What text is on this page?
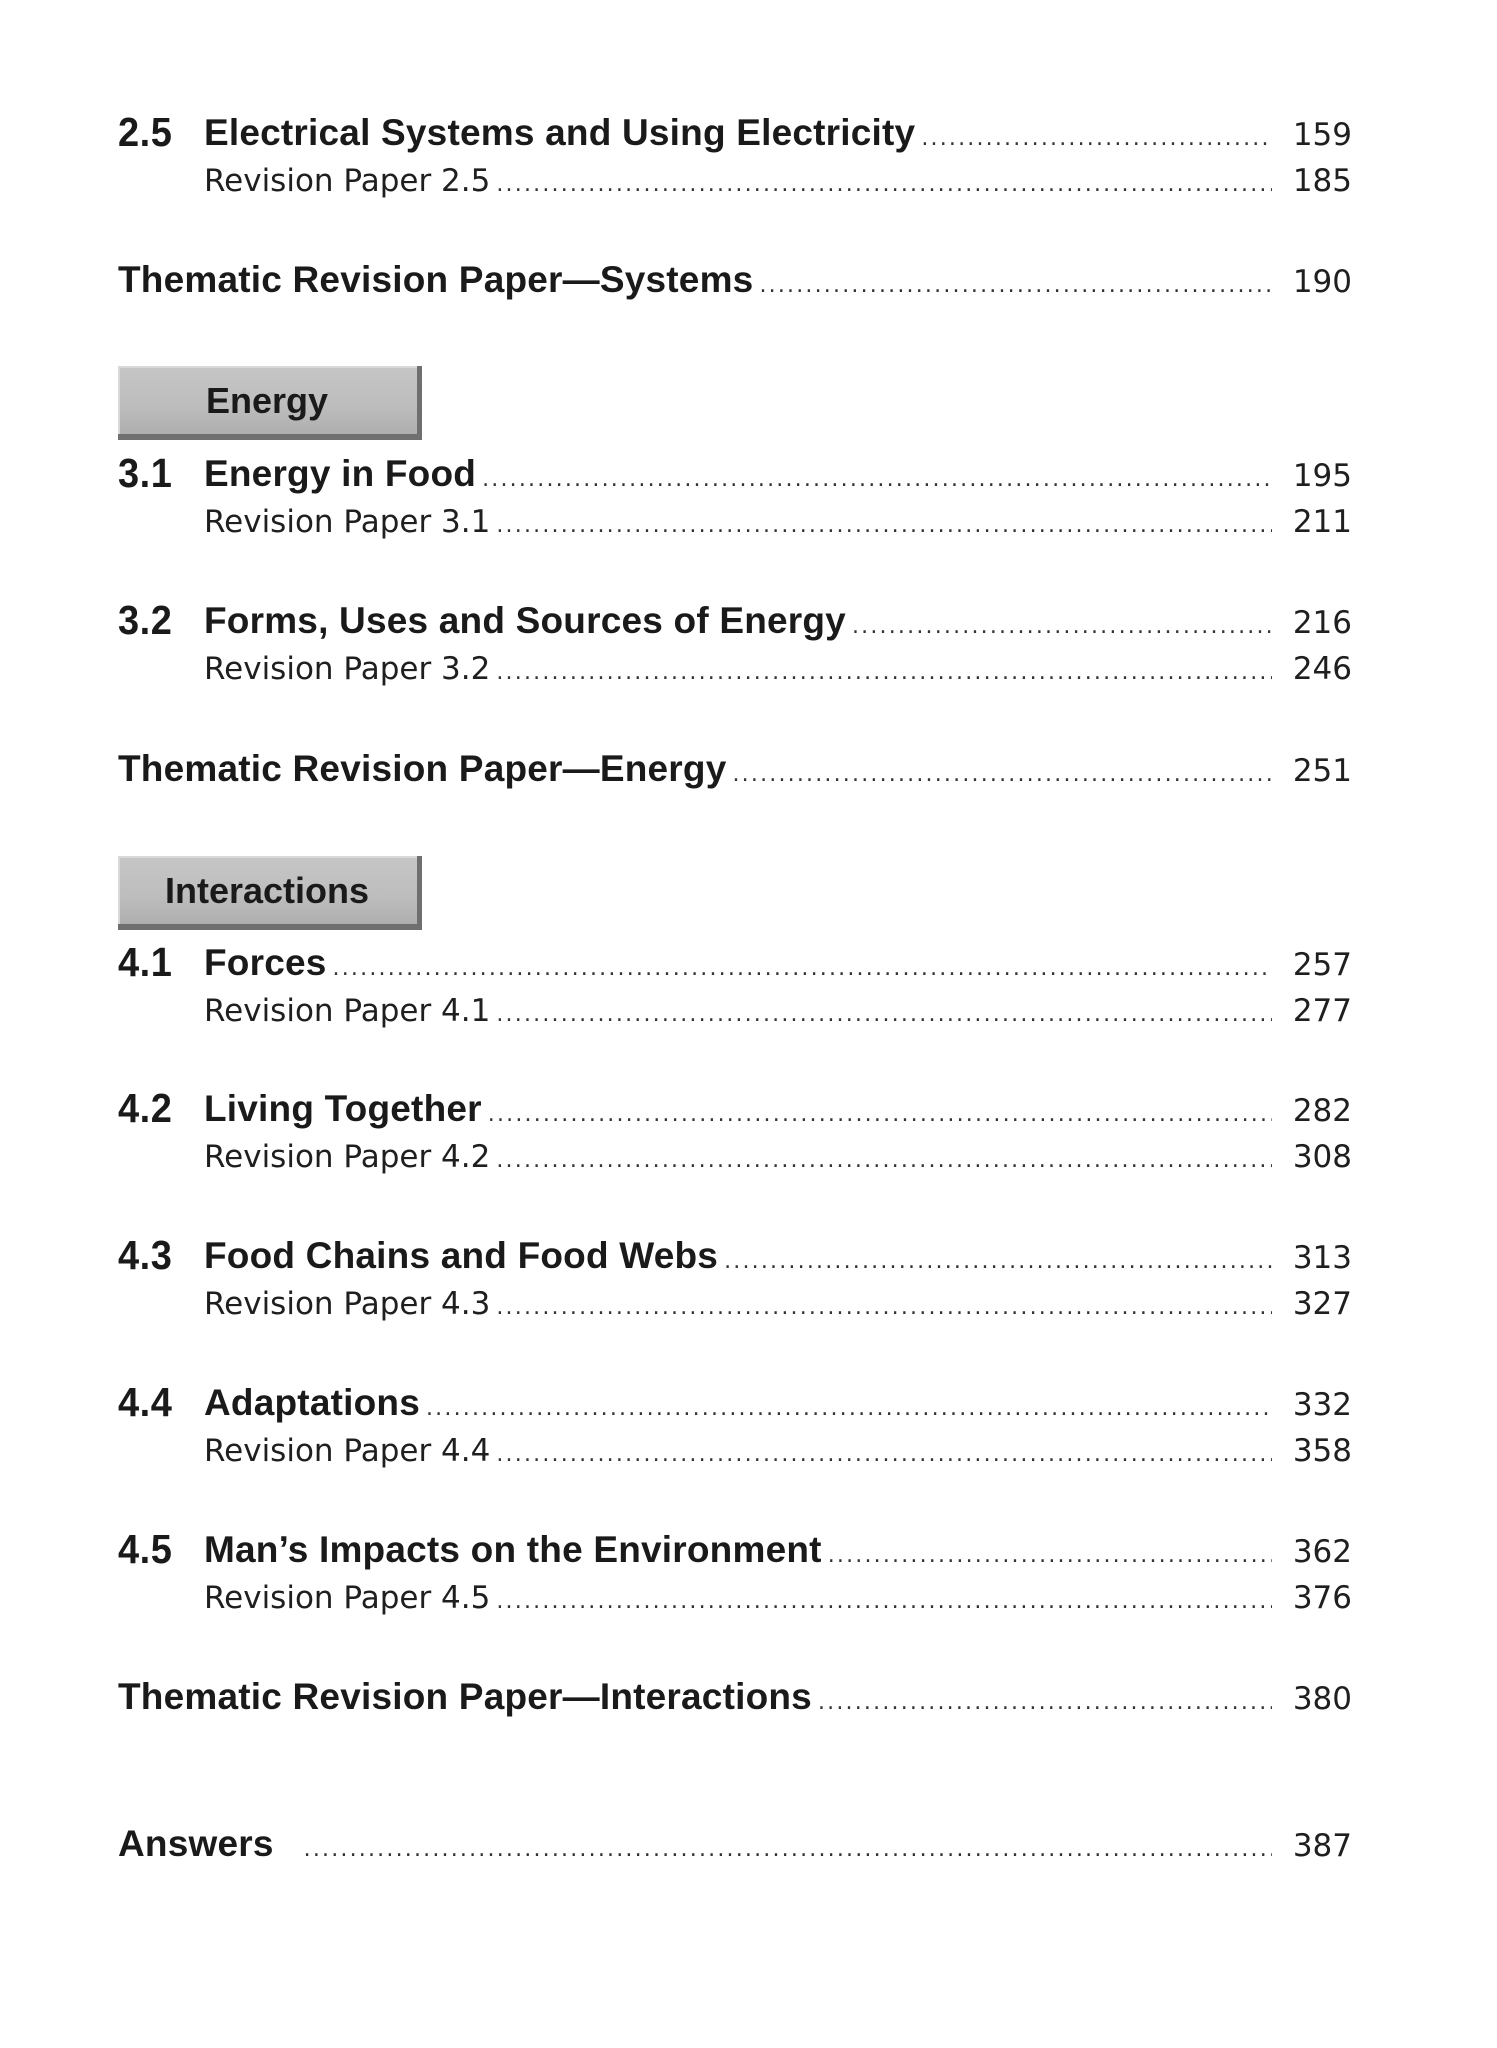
2.5 Electrical Systems and Using Electricity .....	159
Revision Paper 2.5 .....	185
Thematic Revision Paper—Systems .....	190
Energy
3.1 Energy in Food .....	195
Revision Paper 3.1 .....	211
3.2 Forms, Uses and Sources of Energy .....	216
Revision Paper 3.2 .....	246
Thematic Revision Paper—Energy .....	251
Interactions
4.1 Forces .....	257
Revision Paper 4.1 .....	277
4.2 Living Together .....	282
Revision Paper 4.2 .....	308
4.3 Food Chains and Food Webs .....	313
Revision Paper 4.3 .....	327
4.4 Adaptations .....	332
Revision Paper 4.4 .....	358
4.5 Man’s Impacts on the Environment .....	362
Revision Paper 4.5 .....	376
Thematic Revision Paper—Interactions .....	380
Answers .....	387
